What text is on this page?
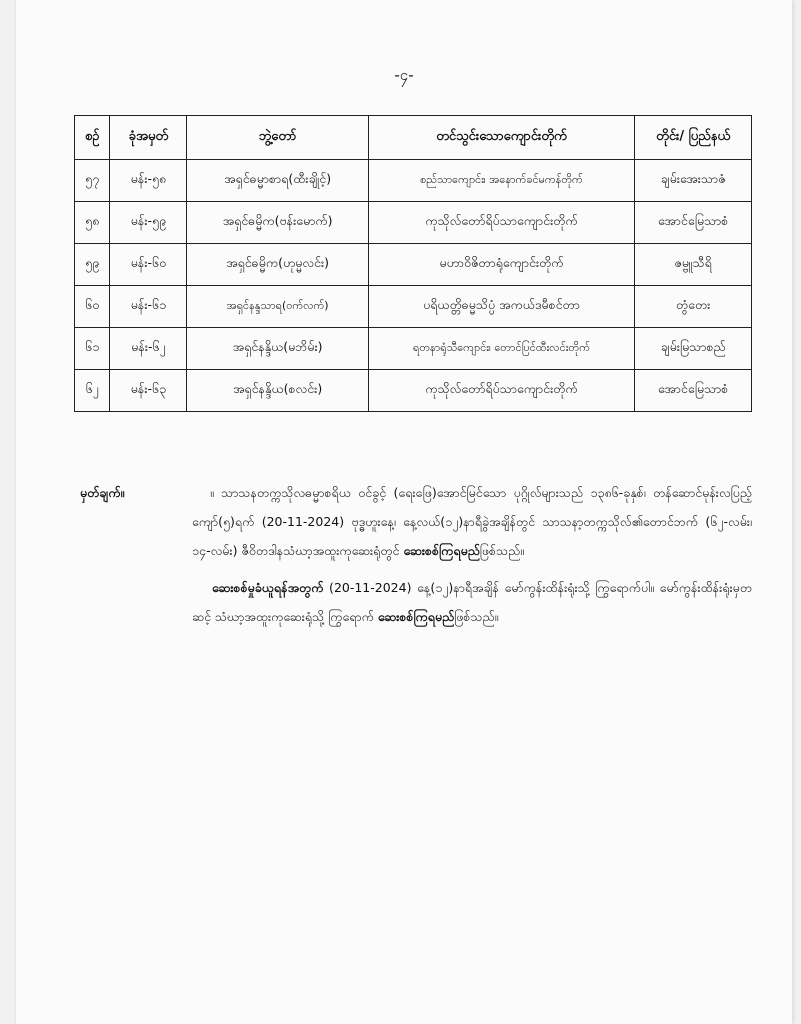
-၄-
စဉ်	ခုံအမှတ်	ဘွဲ့တော်	တင်သွင်းသောကျောင်းတိုက်	တိုင်း/ ပြည်နယ်
၅၇	မန်း-၅၈	အရှင်ဓမ္မာစာရ(ထီးချိုင့်)	စည်သာကျောင်း၊ အနောက်ခင်မကန်တိုက်	ချမ်းအေးသာဇံ
၅၈	မန်း-၅၉	အရှင်ဓမ္မိက(ဗန်းမောက်)	ကုသိုလ်တော်ရိပ်သာကျောင်းတိုက်	အောင်မြေသာစံ
၅၉	မန်း-၆၀	အရှင်ဓမ္မိက(ဟုမ္မလင်း)	မဟာဝိဇိတာရုံကျောင်းတိုက်	ဇမ္ဗူသီရိ
၆၀	မန်း-၆၁	အရှင်နန္ဒသာရ(ဝက်လက်)	ပရိယတ္တိဓမ္မသိပ္ပံ အကယ်ဒမီစင်တာ	တွံတေး
၆၁	မန်း-၆၂	အရှင်နန္ဒိယ(မဘိမ်း)	ရတနာရုံသီကျောင်း၊ တောင်ပြင်ထီးလင်းတိုက်	ချမ်းမြသာစည်
၆၂	မန်း-၆၃	အရှင်နန္ဒိယ(စလင်း)	ကုသိုလ်တော်ရိပ်သာကျောင်းတိုက်	အောင်မြေသာစံ
မှတ်ချက်။	။ သာသနတက္ကသိုလဓမ္မာစရိယ ဝင်ခွင့် (ရေးဖြေ)အောင်မြင်သော ပုဂ္ဂိုလ်များသည် ၁၃၈၆-ခုနှစ်၊ တန်ဆောင်မုန်းလပြည့်ကျော်(၅)ရက် (20-11-2024) ဗုဒ္ဓဟူးနေ့၊ နေ့လယ်(၁၂)နာရီခွဲအချိန်တွင် သာသနာ့တက္ကသိုလ်၏တောင်ဘက် (၆၂-လမ်း၊ ၁၄-လမ်း) ဇီဝိတဒါနသံဃာ့အထူးကုဆေးရုံတွင် ဆေးစစ်ကြရမည်ဖြစ်သည်။

ဆေးစစ်မှုခံယူရန်အတွက် (20-11-2024) နေ့(၁၂)နာရီအချိန် မော်ကွန်းထိန်းရုံးသို့ ကြွရောက်ပါ။ မော်ကွန်းထိန်းရုံးမှတဆင့် သံဃာ့အထူးကုဆေးရုံသို့ ကြွရောက် ဆေးစစ်ကြရမည်ဖြစ်သည်။
